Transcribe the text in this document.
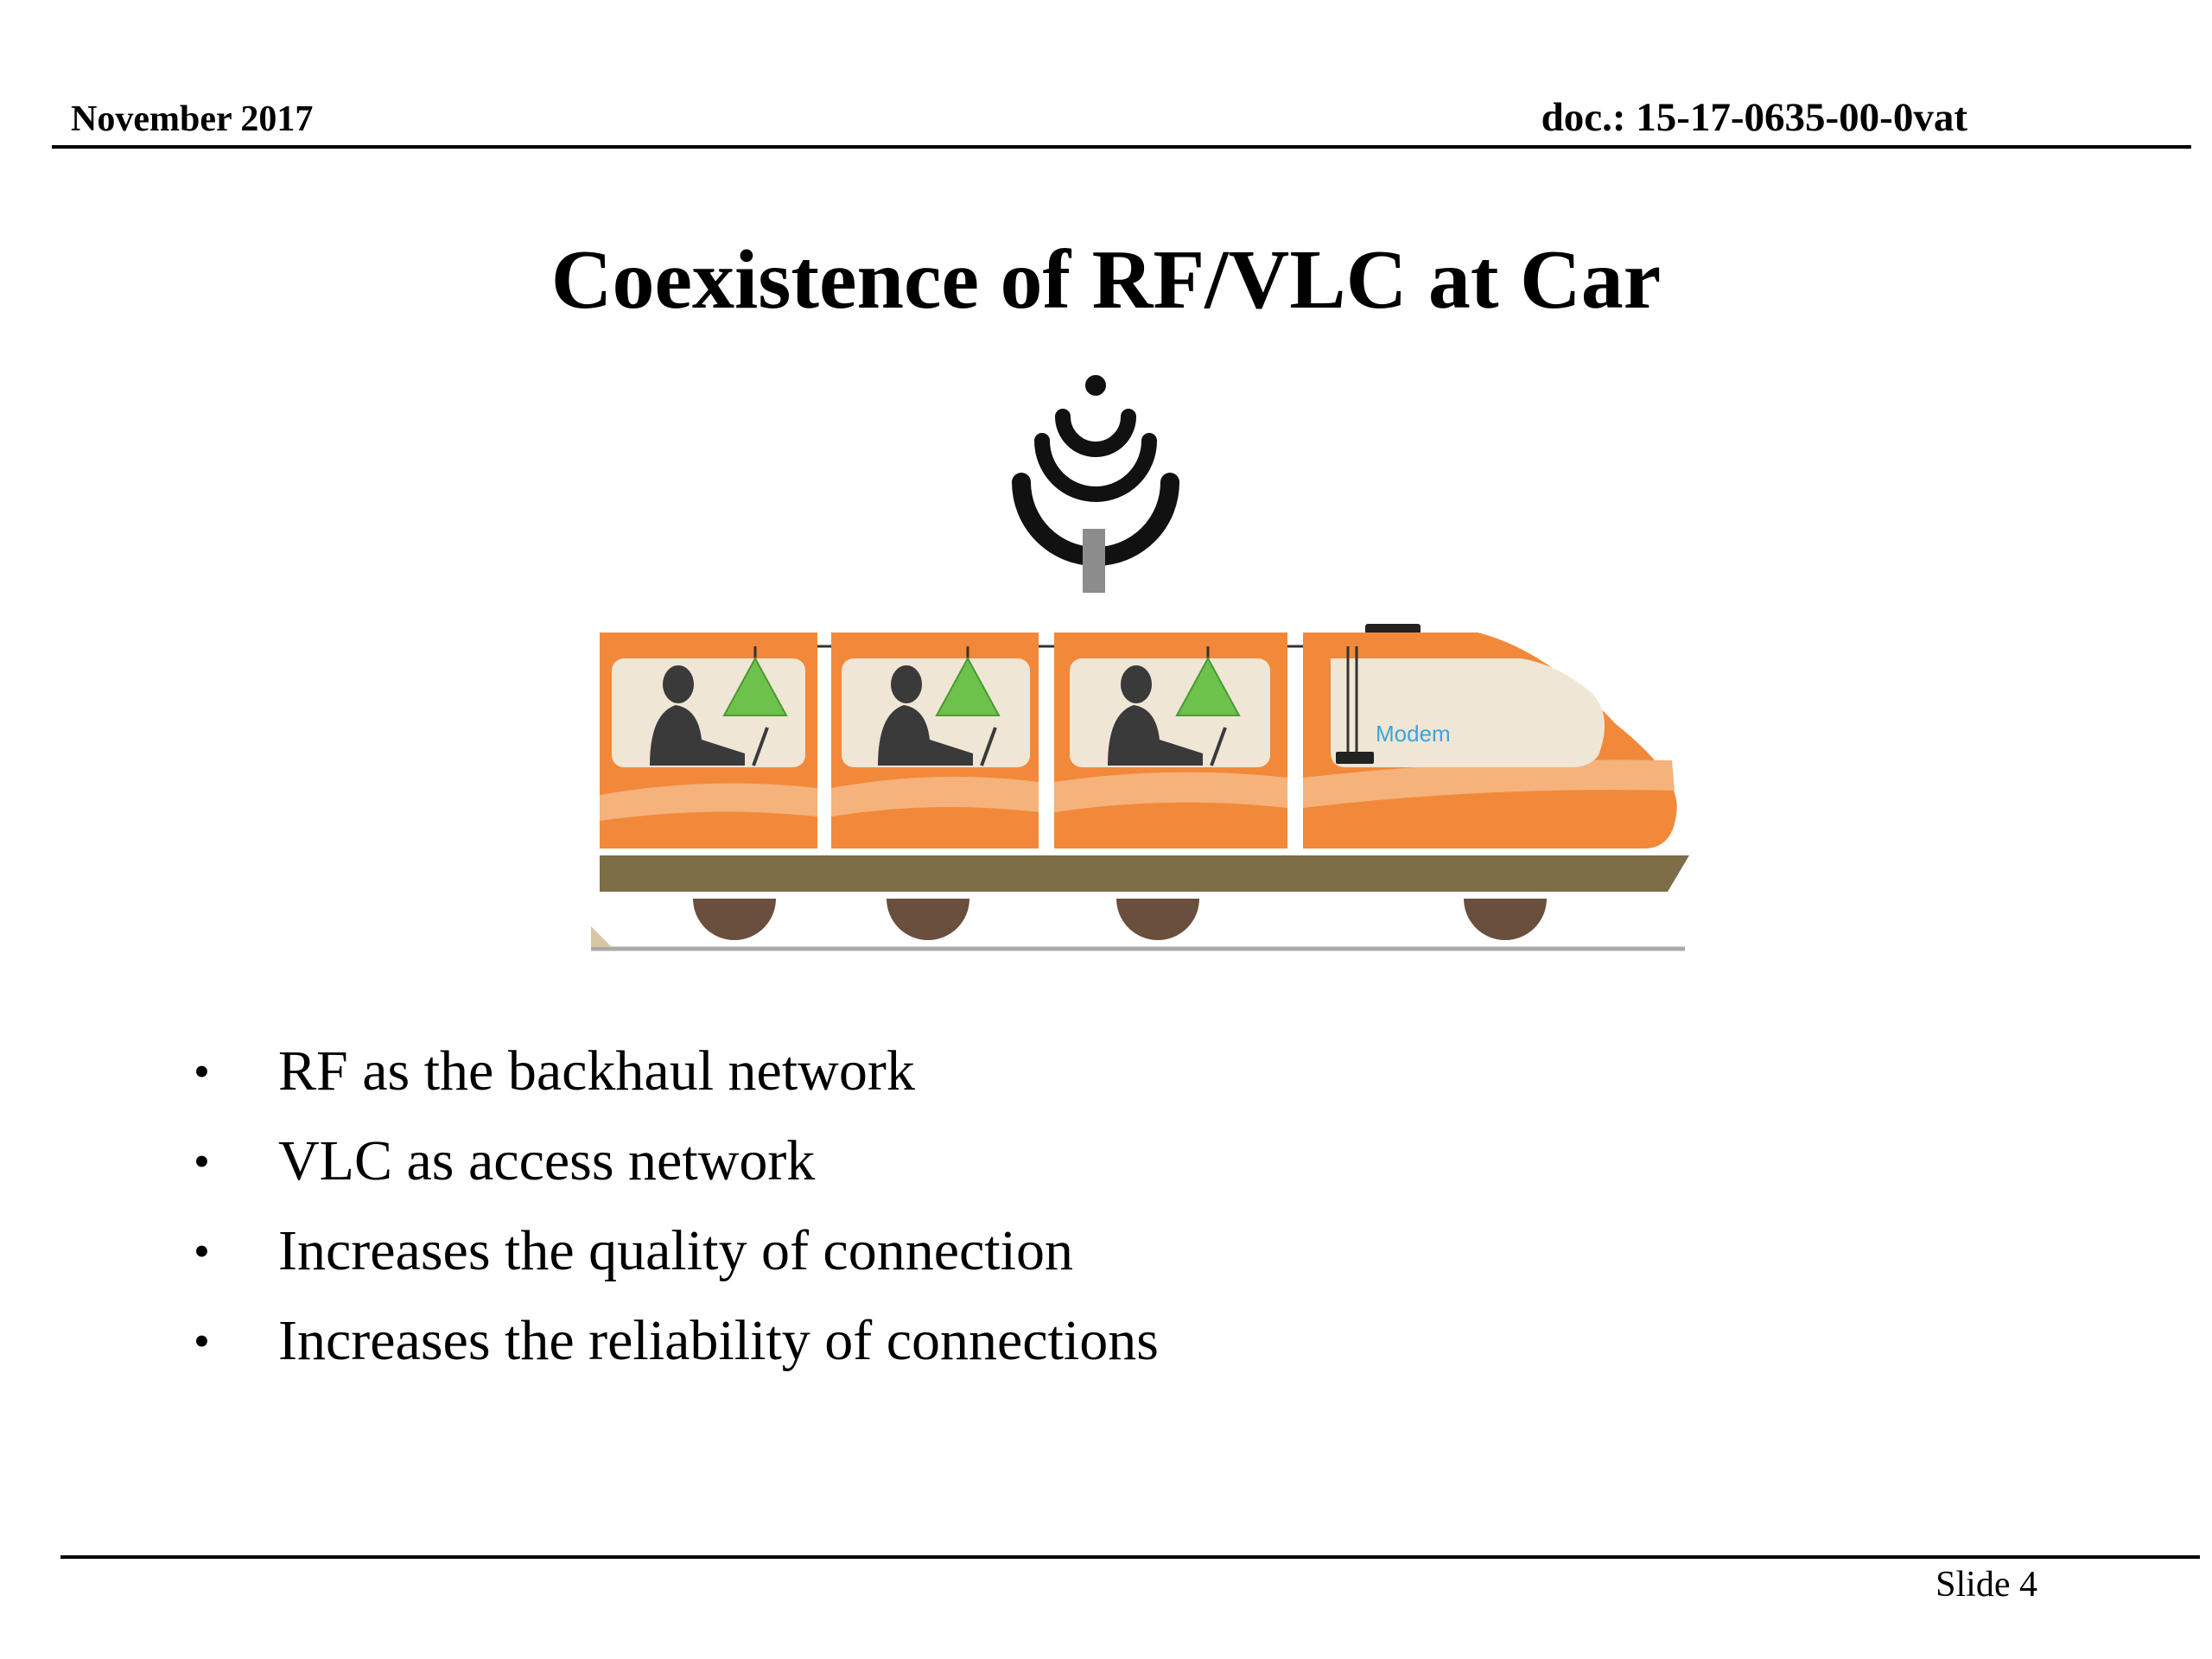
November 2017	doc.: 15-17-0635-00-0vat
Coexistence of RF/VLC at Car
Modem
• RF as the backhaul network
• VLC as access network
• Increases the quality of connection
• Increases the reliability of connections
Slide 4
